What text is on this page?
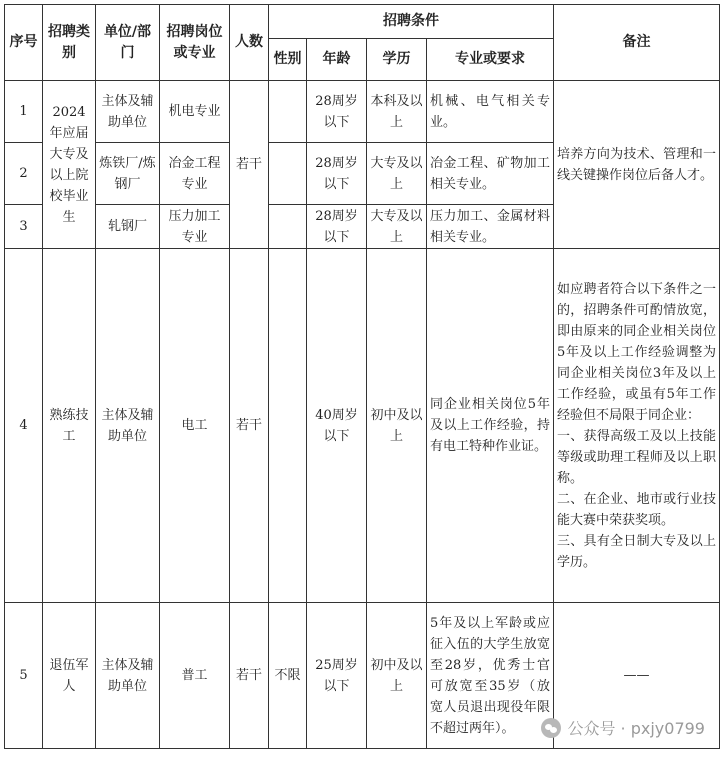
序号	招聘类别	单位/部门	招聘岗位或专业	人数	招聘条件				备注
					性别	年龄	学历	专业或要求	
1	2024年应届大专及以上院校毕业生	主体及辅助单位	机电专业	若干		28周岁以下	本科及以上	机械、电气相关专业。	培养方向为技术、管理和一线关键操作岗位后备人才。
2		炼铁厂/炼钢厂	冶金工程专业			28周岁以下	大专及以上	冶金工程、矿物加工相关专业。	
3		轧钢厂	压力加工专业			28周岁以下	大专及以上	压力加工、金属材料相关专业。	
4	熟练技工	主体及辅助单位	电工	若干		40周岁以下	初中及以上	同企业相关岗位5年及以上工作经验，持有电工特种作业证。	如应聘者符合以下条件之一的，招聘条件可酌情放宽，即由原来的同企业相关岗位5年及以上工作经验调整为同企业相关岗位3年及以上工作经验，或虽有5年工作经验但不局限于同企业：
一、获得高级工及以上技能等级或助理工程师及以上职称。
二、在企业、地市或行业技能大赛中荣获奖项。
三、具有全日制大专及以上学历。
5	退伍军人	主体及辅助单位	普工	若干	不限	25周岁以下	初中及以上	5年及以上军龄或应征入伍的大学生放宽至28岁，优秀士官可放宽至35岁（放宽人员退出现役年限不超过两年）。	——
公众号 · pxjy0799
